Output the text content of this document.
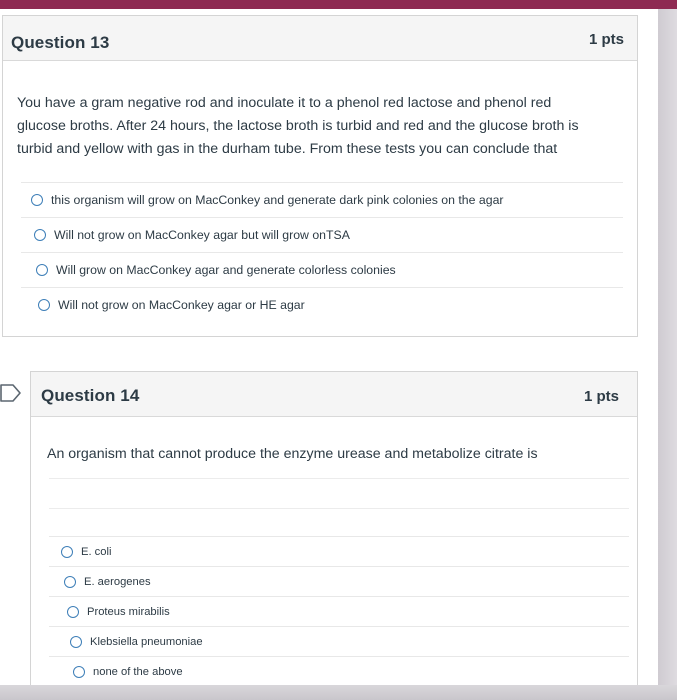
Question 13	1 pts
You have a gram negative rod and inoculate it to a phenol red lactose and phenol red glucose broths. After 24 hours, the lactose broth is turbid and red and the glucose broth is turbid and yellow with gas in the durham tube. From these tests you can conclude that
this organism will grow on MacConkey and generate dark pink colonies on the agar
Will not grow on MacConkey agar but will grow onTSA
Will grow on MacConkey agar and generate colorless colonies
Will not grow on MacConkey agar or HE agar
Question 14	1 pts
An organism that cannot produce the enzyme urease and metabolize citrate is
E. coli
E. aerogenes
Proteus mirabilis
Klebsiella pneumoniae
none of the above
